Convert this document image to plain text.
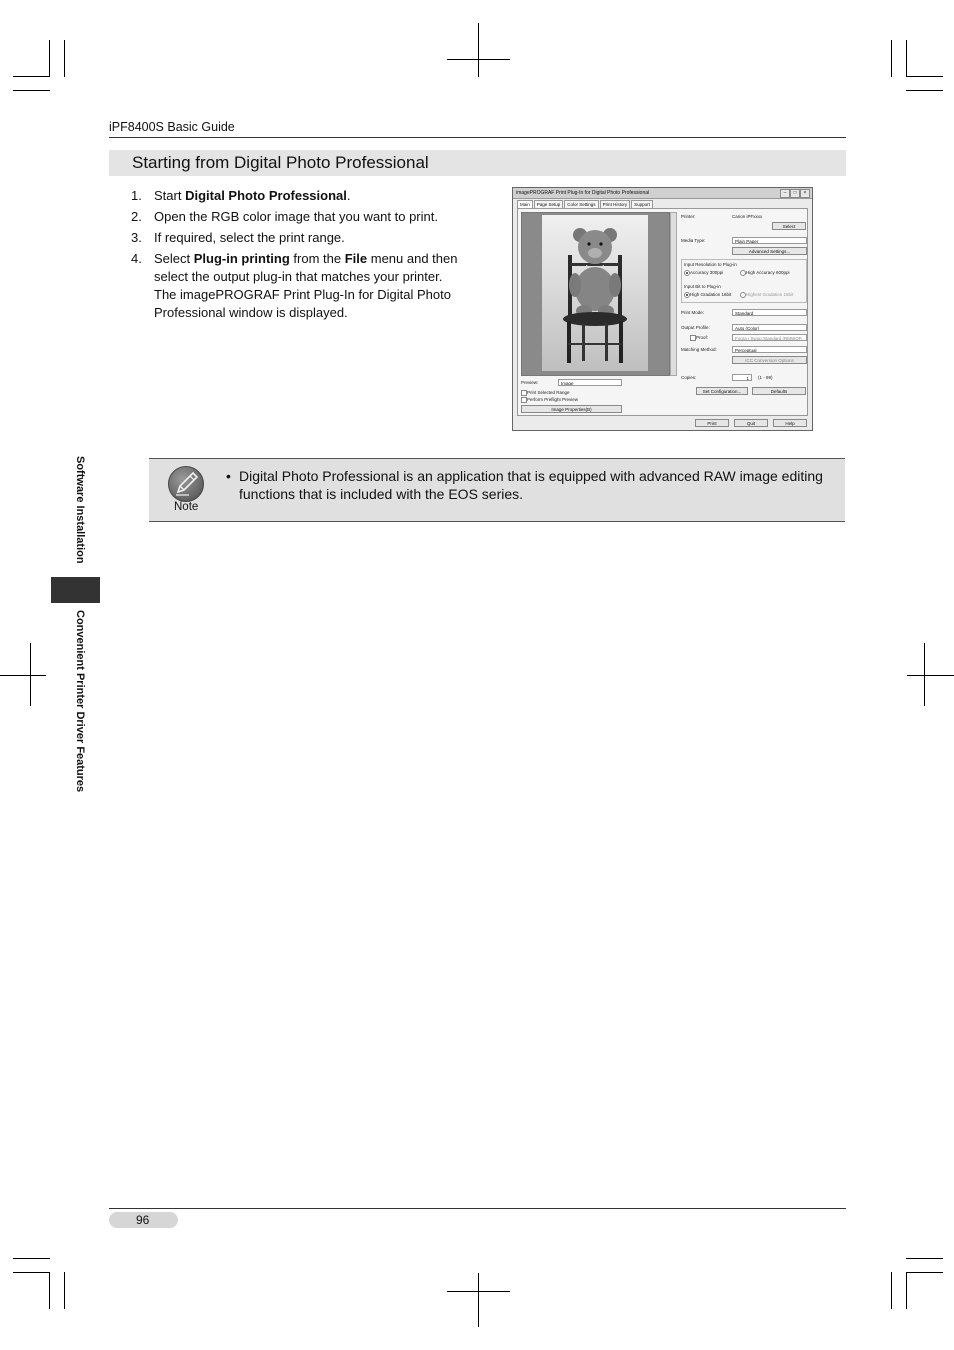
iPF8400S Basic Guide
Starting from Digital Photo Professional
1. Start Digital Photo Professional.
2. Open the RGB color image that you want to print.
3. If required, select the print range.
4. Select Plug-in printing from the File menu and then select the output plug-in that matches your printer.
The imagePROGRAF Print Plug-In for Digital Photo Professional window is displayed.
imagePROGRAF Print Plug-In for Digital Photo Professional	–	□	×
Main	Page Setup	Color Settings	Print History	Support
Printer:	Canon iPFxxxx
Select
Media Type:	Plain Paper
Advanced Settings...
Input Resolution to Plug-in
Accuracy 300ppi	High Accuracy 600ppi
Input Bit to Plug-in
High Gradation 16bit	Highest Gradation 16bit
Print Mode:	Standard
Output Profile:	Auto (Color)
Proof:	Fogra / Swop Standard (RMWOP...
Matching Method:	Perceptual
ICC Conversion Options
Copies:	1	(1 - 99)
Preview:	Image
Print Selected Range
Perform Preflight Preview
Image Properties(B)
Set Configuration...	Defaults
Print	Quit	Help
Software Installation
Convenient Printer Driver Features
Note
• Digital Photo Professional is an application that is equipped with advanced RAW image editing functions that is included with the EOS series.
96
